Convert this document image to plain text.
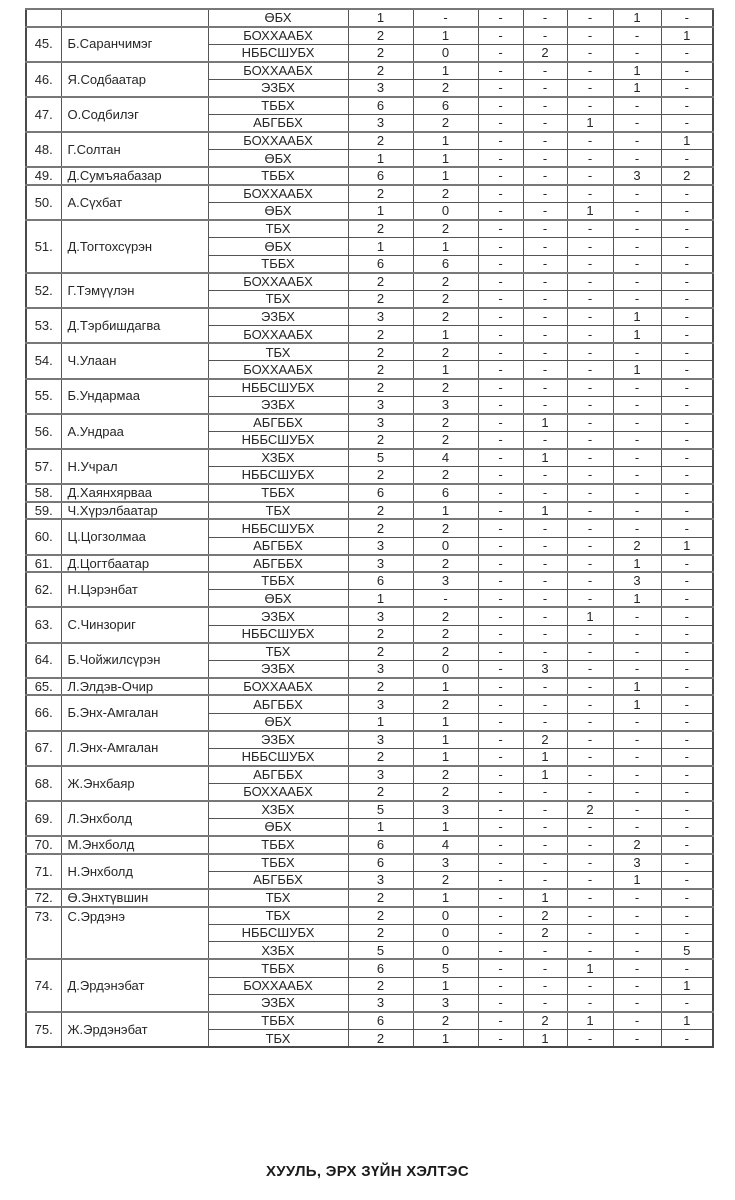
		ӨБХ	1	-	-	-	-	1	-
45.	Б.Саранчимэг	БОХХААБХ	2	1	-	-	-	-	1
		НББСШУБХ	2	0	-	2	-	-	-
46.	Я.Содбаатар	БОХХААБХ	2	1	-	-	-	1	-
		ЭЗБХ	3	2	-	-	-	1	-
47.	О.Содбилэг	ТББХ	6	6	-	-	-	-	-
		АБГББХ	3	2	-	-	1	-	-
48.	Г.Солтан	БОХХААБХ	2	1	-	-	-	-	1
		ӨБХ	1	1	-	-	-	-	-
49.	Д.Сумъяабазар	ТББХ	6	1	-	-	-	3	2
50.	А.Сүхбат	БОХХААБХ	2	2	-	-	-	-	-
		ӨБХ	1	0	-	-	1	-	-
51.	Д.Тогтохсүрэн	ТБХ	2	2	-	-	-	-	-
		ӨБХ	1	1	-	-	-	-	-
		ТББХ	6	6	-	-	-	-	-
52.	Г.Тэмүүлэн	БОХХААБХ	2	2	-	-	-	-	-
		ТБХ	2	2	-	-	-	-	-
53.	Д.Тэрбишдагва	ЭЗБХ	3	2	-	-	-	1	-
		БОХХААБХ	2	1	-	-	-	1	-
54.	Ч.Улаан	ТБХ	2	2	-	-	-	-	-
		БОХХААБХ	2	1	-	-	-	1	-
55.	Б.Ундармаа	НББСШУБХ	2	2	-	-	-	-	-
		ЭЗБХ	3	3	-	-	-	-	-
56.	А.Ундраа	АБГББХ	3	2	-	1	-	-	-
		НББСШУБХ	2	2	-	-	-	-	-
57.	Н.Учрал	ХЗБХ	5	4	-	1	-	-	-
		НББСШУБХ	2	2	-	-	-	-	-
58.	Д.Хаянхярваа	ТББХ	6	6	-	-	-	-	-
59.	Ч.Хүрэлбаатар	ТБХ	2	1	-	1	-	-	-
60.	Ц.Цогзолмаа	НББСШУБХ	2	2	-	-	-	-	-
		АБГББХ	3	0	-	-	-	2	1
61.	Д.Цогтбаатар	АБГББХ	3	2	-	-	-	1	-
62.	Н.Цэрэнбат	ТББХ	6	3	-	-	-	3	-
		ӨБХ	1	-	-	-	-	1	-
63.	С.Чинзориг	ЭЗБХ	3	2	-	-	1	-	-
		НББСШУБХ	2	2	-	-	-	-	-
64.	Б.Чойжилсүрэн	ТБХ	2	2	-	-	-	-	-
		ЭЗБХ	3	0	-	3	-	-	-
65.	Л.Элдэв-Очир	БОХХААБХ	2	1	-	-	-	1	-
66.	Б.Энх-Амгалан	АБГББХ	3	2	-	-	-	1	-
		ӨБХ	1	1	-	-	-	-	-
67.	Л.Энх-Амгалан	ЭЗБХ	3	1	-	2	-	-	-
		НББСШУБХ	2	1	-	1	-	-	-
68.	Ж.Энхбаяр	АБГББХ	3	2	-	1	-	-	-
		БОХХААБХ	2	2	-	-	-	-	-
69.	Л.Энхболд	ХЗБХ	5	3	-	-	2	-	-
		ӨБХ	1	1	-	-	-	-	-
70.	М.Энхболд	ТББХ	6	4	-	-	-	2	-
71.	Н.Энхболд	ТББХ	6	3	-	-	-	3	-
		АБГББХ	3	2	-	-	-	1	-
72.	Ө.Энхтүвшин	ТБХ	2	1	-	1	-	-	-
73.	С.Эрдэнэ	ТБХ	2	0	-	2	-	-	-
		НББСШУБХ	2	0	-	2	-	-	-
		ХЗБХ	5	0	-	-	-	-	5
74.	Д.Эрдэнэбат	ТББХ	6	5	-	-	1	-	-
		БОХХААБХ	2	1	-	-	-	-	1
		ЭЗБХ	3	3	-	-	-	-	-
75.	Ж.Эрдэнэбат	ТББХ	6	2	-	2	1	-	1
		ТБХ	2	1	-	1	-	-	-
ХУУЛЬ, ЭРХ ЗҮЙН ХЭЛТЭС
